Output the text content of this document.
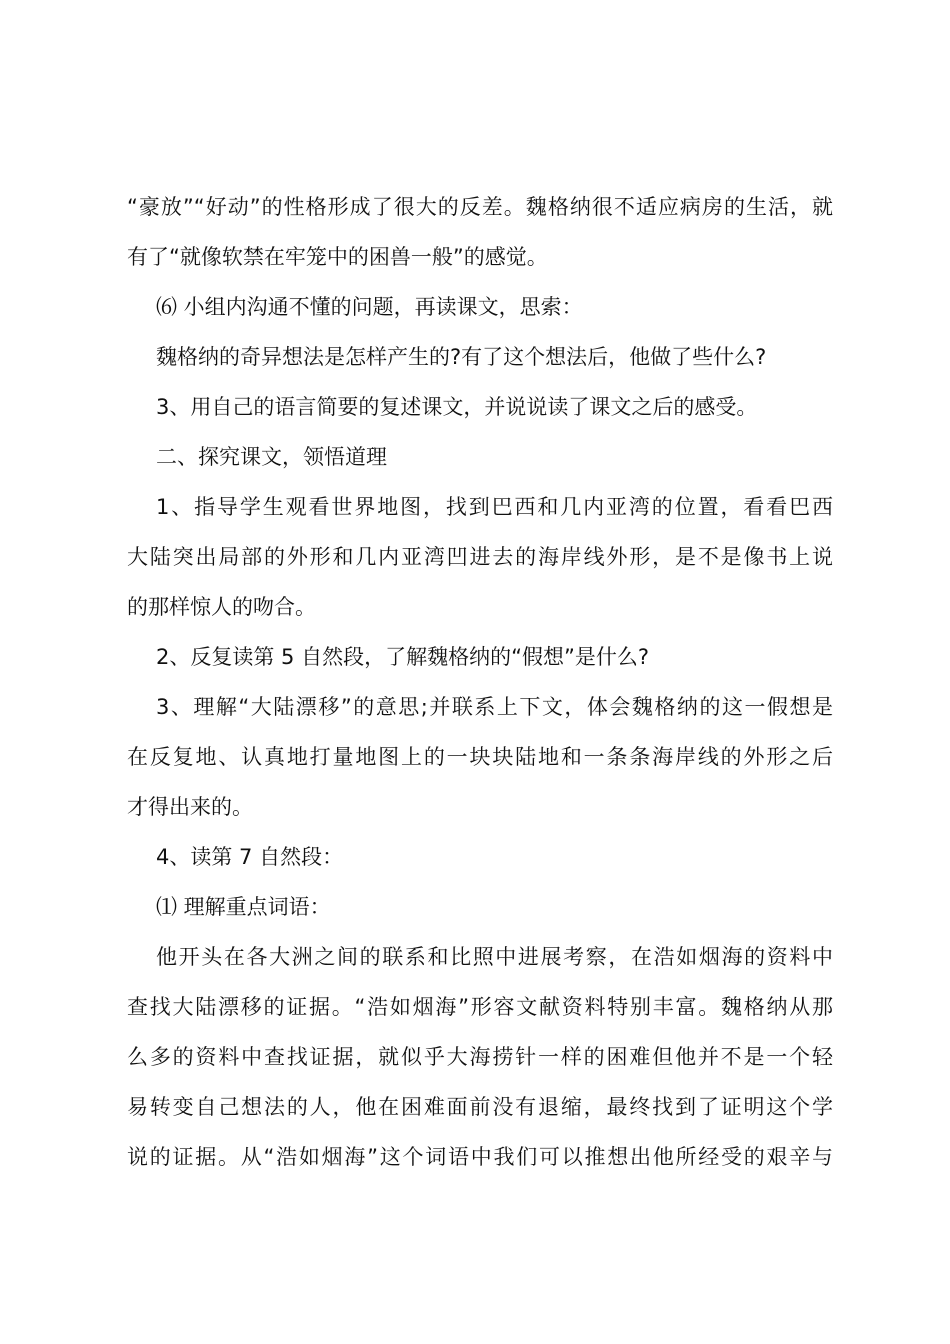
“豪放”“好动”的性格形成了很大的反差。魏格纳很不适应病房的生活，就
有了“就像软禁在牢笼中的困兽一般”的感觉。
⑹ 小组内沟通不懂的问题，再读课文，思索：
魏格纳的奇异想法是怎样产生的?有了这个想法后，他做了些什么?
3、用自己的语言简要的复述课文，并说说读了课文之后的感受。
二、探究课文，领悟道理
1、指导学生观看世界地图，找到巴西和几内亚湾的位置，看看巴西
大陆突出局部的外形和几内亚湾凹进去的海岸线外形，是不是像书上说
的那样惊人的吻合。
2、反复读第 5 自然段，了解魏格纳的“假想”是什么?
3、理解“大陆漂移”的意思;并联系上下文，体会魏格纳的这一假想是
在反复地、认真地打量地图上的一块块陆地和一条条海岸线的外形之后
才得出来的。
4、读第 7 自然段：
⑴ 理解重点词语：
他开头在各大洲之间的联系和比照中进展考察，在浩如烟海的资料中
查找大陆漂移的证据。“浩如烟海”形容文献资料特别丰富。魏格纳从那
么多的资料中查找证据，就似乎大海捞针一样的困难但他并不是一个轻
易转变自己想法的人，他在困难面前没有退缩，最终找到了证明这个学
说的证据。从“浩如烟海”这个词语中我们可以推想出他所经受的艰辛与
